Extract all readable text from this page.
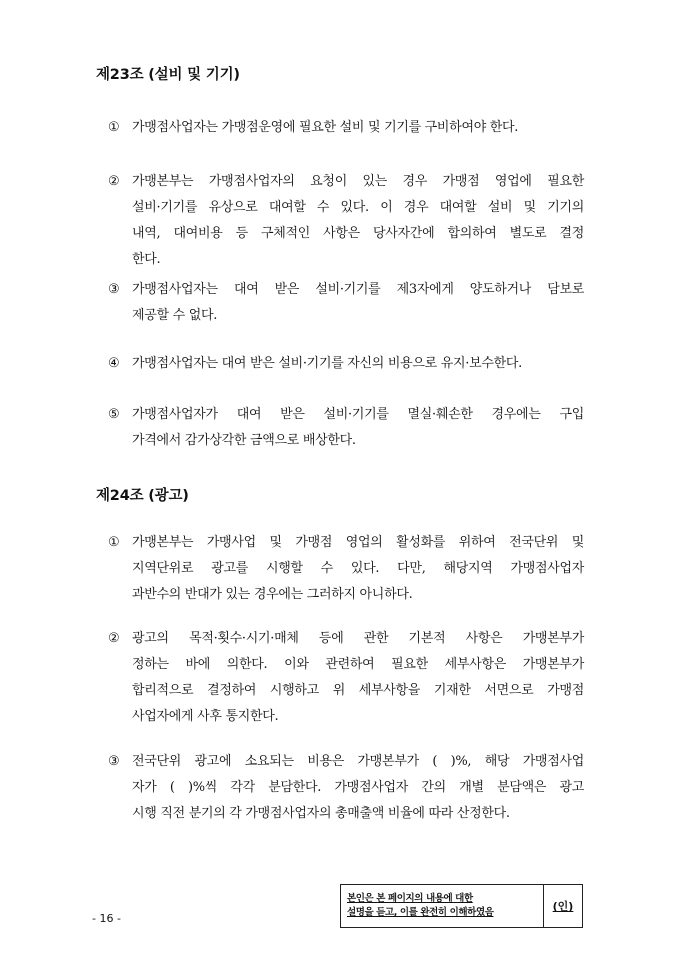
제23조 (설비 및 기기)
① 가맹점사업자는 가맹점운영에 필요한 설비 및 기기를 구비하여야 한다.
② 가맹본부는 가맹점사업자의 요청이 있는 경우 가맹점 영업에 필요한
설비·기기를 유상으로 대여할 수 있다. 이 경우 대여할 설비 및 기기의
내역, 대여비용 등 구체적인 사항은 당사자간에 합의하여 별도로 결정
한다.
③ 가맹점사업자는 대여 받은 설비·기기를 제3자에게 양도하거나 담보로
제공할 수 없다.
④ 가맹점사업자는 대여 받은 설비·기기를 자신의 비용으로 유지·보수한다.
⑤ 가맹점사업자가 대여 받은 설비·기기를 멸실·훼손한 경우에는 구입
가격에서 감가상각한 금액으로 배상한다.
제24조 (광고)
① 가맹본부는 가맹사업 및 가맹점 영업의 활성화를 위하여 전국단위 및
지역단위로 광고를 시행할 수 있다. 다만, 해당지역 가맹점사업자
과반수의 반대가 있는 경우에는 그러하지 아니하다.
② 광고의 목적·횟수·시기·매체 등에 관한 기본적 사항은 가맹본부가
정하는 바에 의한다. 이와 관련하여 필요한 세부사항은 가맹본부가
합리적으로 결정하여 시행하고 위 세부사항을 기재한 서면으로 가맹점
사업자에게 사후 통지한다.
③ 전국단위 광고에 소요되는 비용은 가맹본부가 ( )%, 해당 가맹점사업
자가 ( )%씩 각각 분담한다. 가맹점사업자 간의 개별 분담액은 광고
시행 직전 분기의 각 가맹점사업자의 총매출액 비율에 따라 산정한다.
- 16 -
본인은 본 페이지의 내용에 대한
설명을 듣고, 이를 완전히 이해하였음	(인)
